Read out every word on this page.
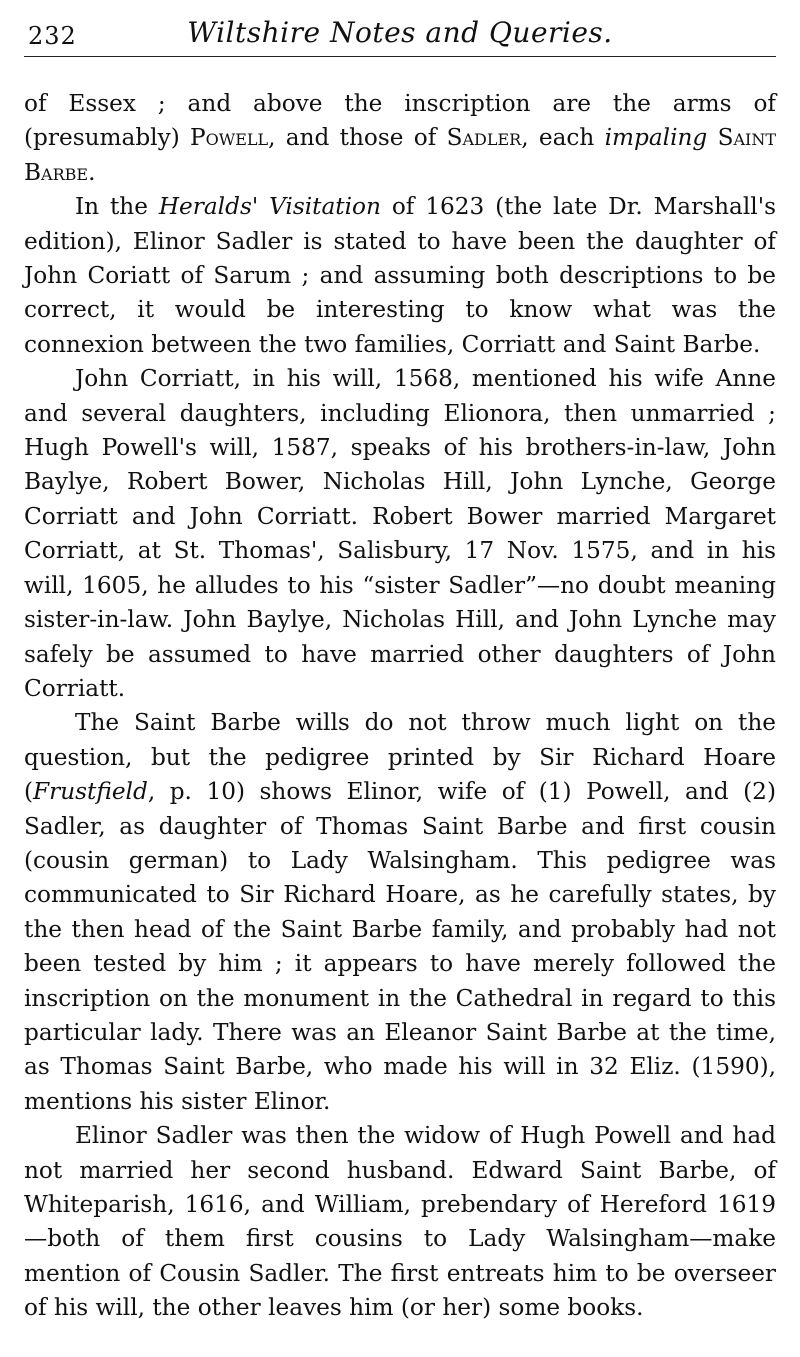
232	Wiltshire Notes and Queries.

of Essex ; and above the inscription are the arms of (presumably) Powell, and those of Sadler, each impaling Saint Barbe.

In the Heralds' Visitation of 1623 (the late Dr. Marshall's edition), Elinor Sadler is stated to have been the daughter of John Coriatt of Sarum ; and assuming both descriptions to be correct, it would be interesting to know what was the connexion between the two families, Corriatt and Saint Barbe.

John Corriatt, in his will, 1568, mentioned his wife Anne and several daughters, including Elionora, then unmarried ; Hugh Powell's will, 1587, speaks of his brothers-in-law, John Baylye, Robert Bower, Nicholas Hill, John Lynche, George Corriatt and John Corriatt. Robert Bower married Margaret Corriatt, at St. Thomas', Salisbury, 17 Nov. 1575, and in his will, 1605, he alludes to his “sister Sadler”—no doubt meaning sister-in-law. John Baylye, Nicholas Hill, and John Lynche may safely be assumed to have married other daughters of John Corriatt.

The Saint Barbe wills do not throw much light on the question, but the pedigree printed by Sir Richard Hoare (Frustfield, p. 10) shows Elinor, wife of (1) Powell, and (2) Sadler, as daughter of Thomas Saint Barbe and first cousin (cousin german) to Lady Walsingham. This pedigree was communicated to Sir Richard Hoare, as he carefully states, by the then head of the Saint Barbe family, and probably had not been tested by him ; it appears to have merely followed the inscription on the monument in the Cathedral in regard to this particular lady. There was an Eleanor Saint Barbe at the time, as Thomas Saint Barbe, who made his will in 32 Eliz. (1590), mentions his sister Elinor.

Elinor Sadler was then the widow of Hugh Powell and had not married her second husband. Edward Saint Barbe, of Whiteparish, 1616, and William, prebendary of Hereford 1619 —both of them first cousins to Lady Walsingham—make mention of Cousin Sadler. The first entreats him to be overseer of his will, the other leaves him (or her) some books.
